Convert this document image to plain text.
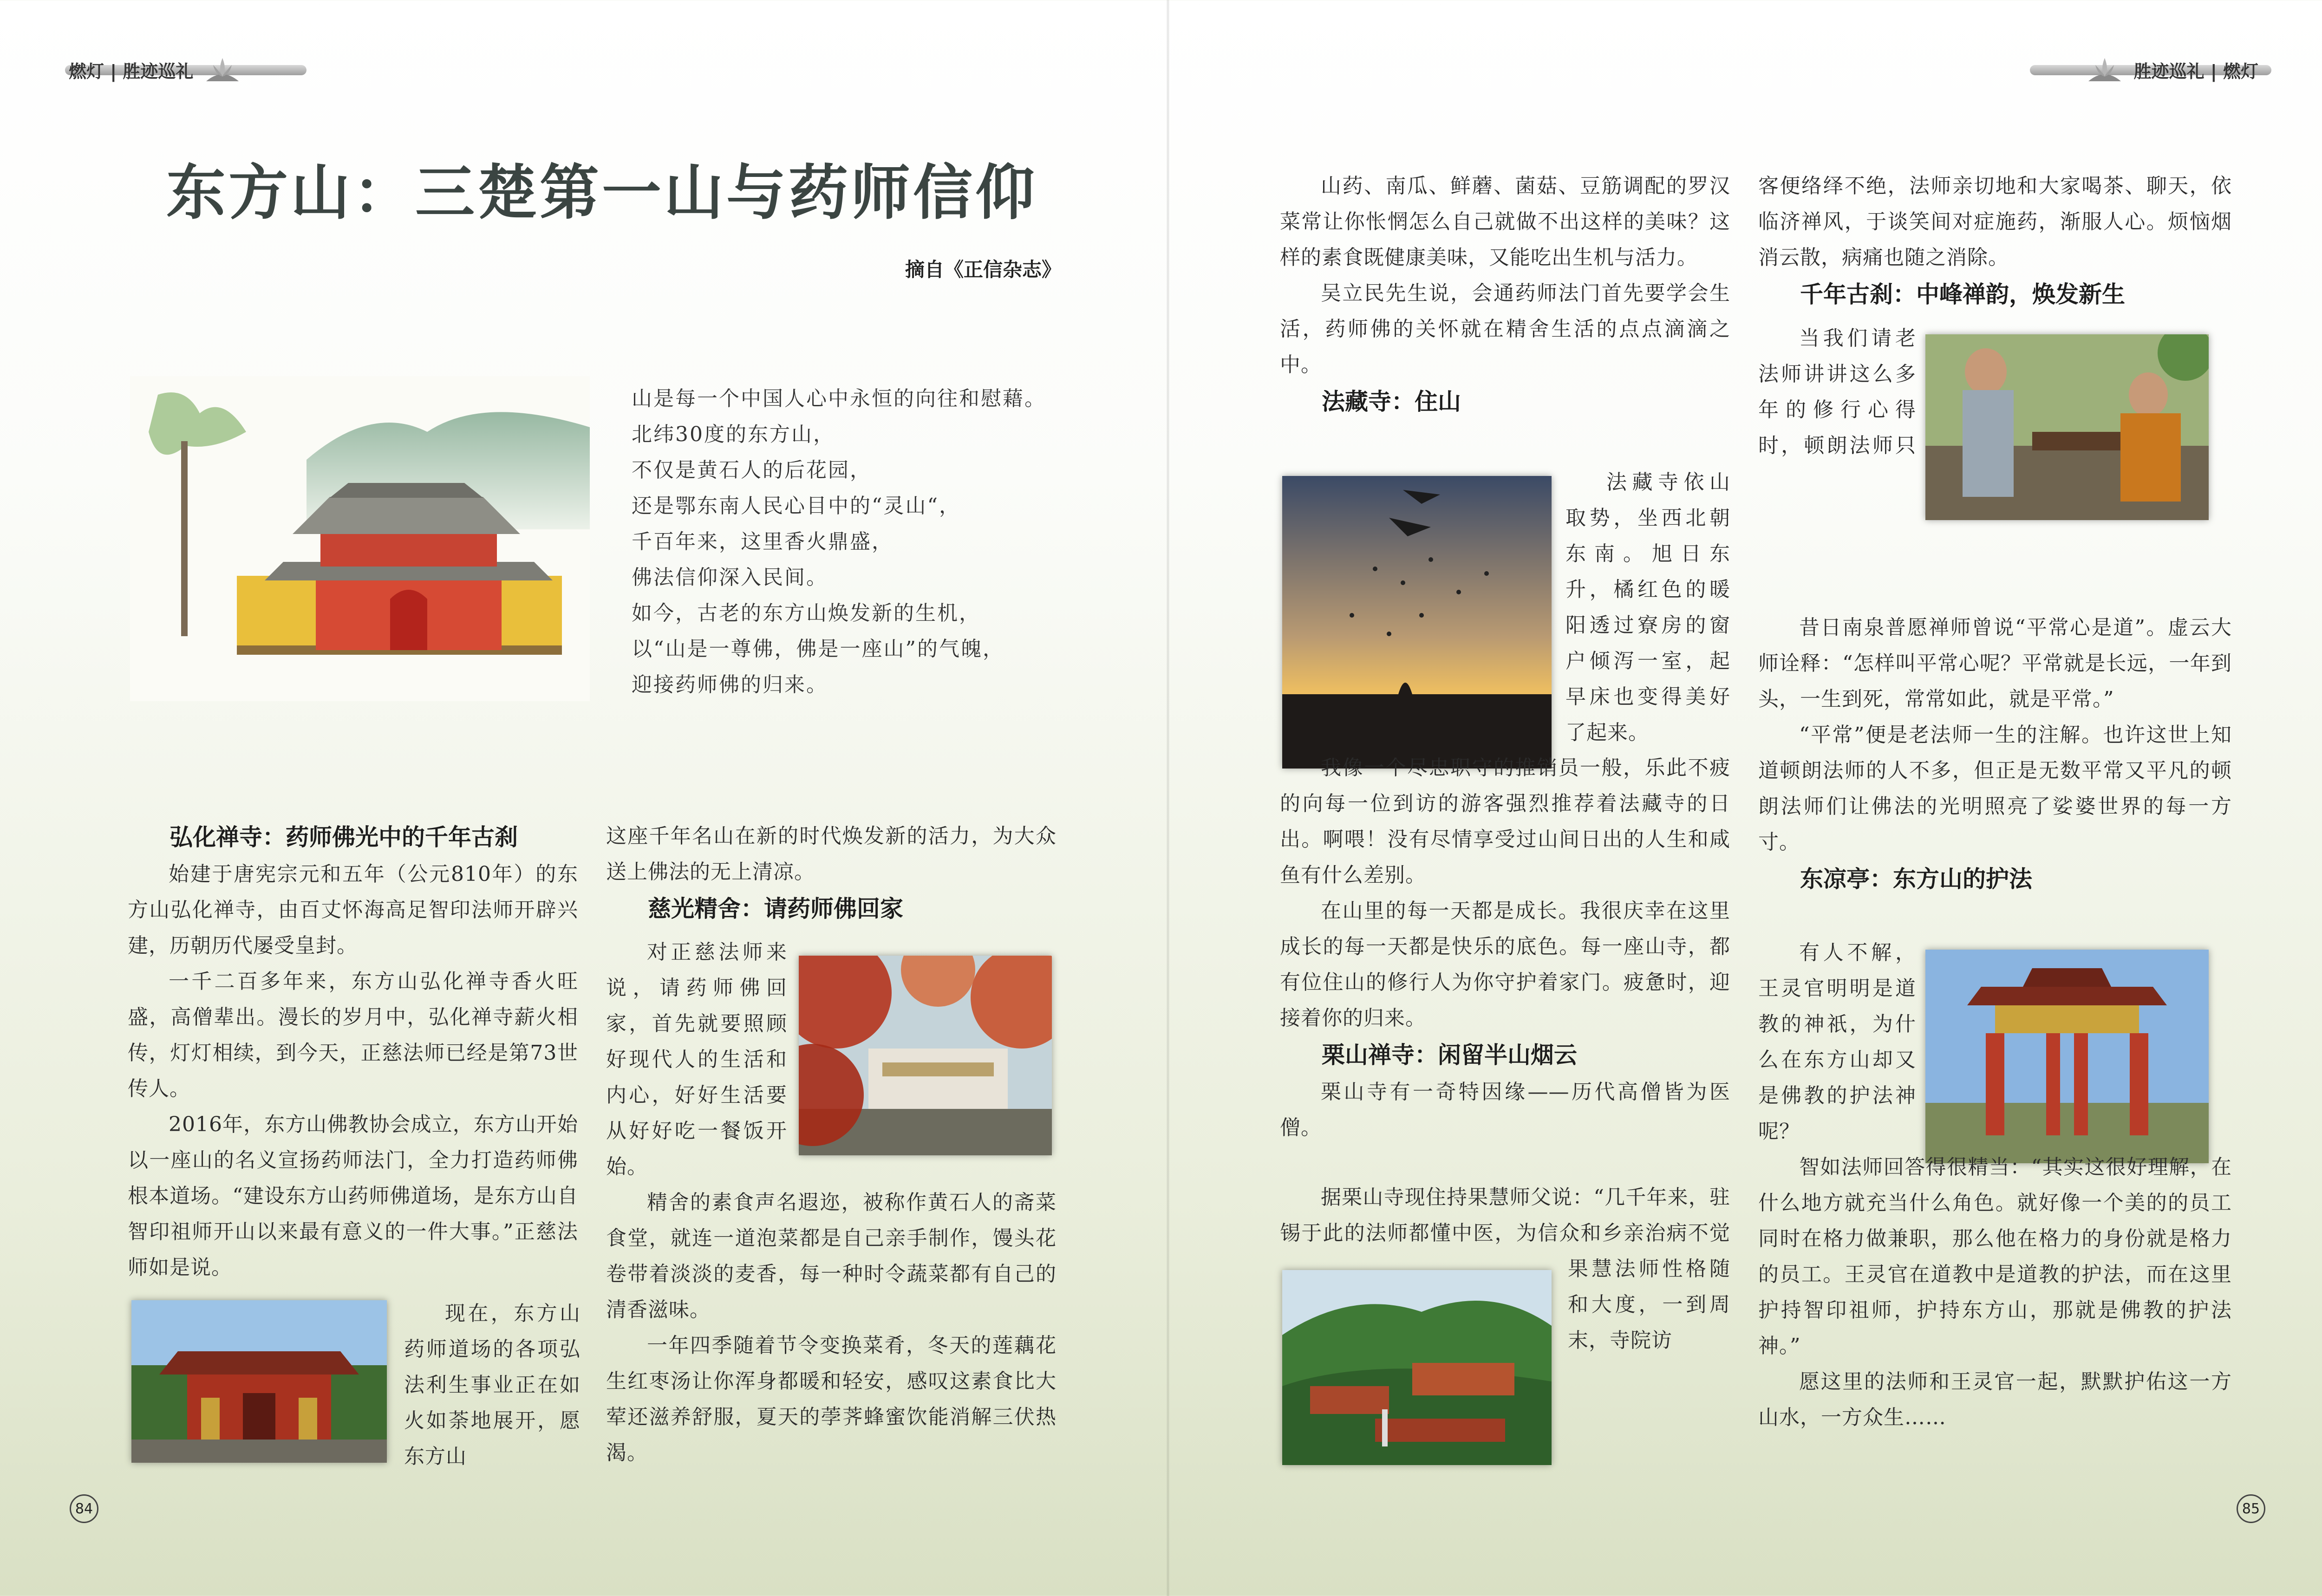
燃灯 | 胜迹巡礼
东方山：三楚第一山与药师信仰
摘自《正信杂志》
山是每一个中国人心中永恒的向往和慰藉。
北纬30度的东方山，
不仅是黄石人的后花园，
还是鄂东南人民心目中的“灵山“，
千百年来，这里香火鼎盛，
佛法信仰深入民间。
如今，古老的东方山焕发新的生机，
以“山是一尊佛，佛是一座山”的气魄，
迎接药师佛的归来。

弘化禅寺：药师佛光中的千年古刹

始建于唐宪宗元和五年（公元810年）的东方山弘化禅寺，由百丈怀海高足智印法师开辟兴建，历朝历代屡受皇封。

一千二百多年来，东方山弘化禅寺香火旺盛，高僧辈出。漫长的岁月中，弘化禅寺薪火相传，灯灯相续，到今天，正慈法师已经是第73世传人。

2016年，东方山佛教协会成立，东方山开始以一座山的名义宣扬药师法门，全力打造药师佛根本道场。“建设东方山药师佛道场，是东方山自智印祖师开山以来最有意义的一件大事。”正慈法师如是说。

现在，东方山药师道场的各项弘法利生事业正在如火如荼地展开，愿东方山

这座千年名山在新的时代焕发新的活力，为大众送上佛法的无上清凉。

慈光精舍：请药师佛回家

对正慈法师来说，请药师佛回家，首先就要照顾好现代人的生活和内心，好好生活要从好好吃一餐饭开始。

精舍的素食声名遐迩，被称作黄石人的斋菜食堂，就连一道泡菜都是自己亲手制作，馒头花卷带着淡淡的麦香，每一种时令蔬菜都有自己的清香滋味。

一年四季随着节令变换菜肴，冬天的莲藕花生红枣汤让你浑身都暖和轻安，感叹这素食比大荤还滋养舒服，夏天的荸荠蜂蜜饮能消解三伏热渴。

84
胜迹巡礼 | 燃灯

山药、南瓜、鲜蘑、菌菇、豆筋调配的罗汉菜常让你怅惘怎么自己就做不出这样的美味？这样的素食既健康美味，又能吃出生机与活力。

吴立民先生说，会通药师法门首先要学会生活，药师佛的关怀就在精舍生活的点点滴滴之中。

法藏寺：住山

法藏寺依山取势，坐西北朝东南。旭日东升，橘红色的暖阳透过寮房的窗户倾泻一室，起早床也变得美好了起来。

我像一个尽忠职守的推销员一般，乐此不疲的向每一位到访的游客强烈推荐着法藏寺的日出。啊喂！没有尽情享受过山间日出的人生和咸鱼有什么差别。

在山里的每一天都是成长。我很庆幸在这里成长的每一天都是快乐的底色。每一座山寺，都有位住山的修行人为你守护着家门。疲惫时，迎接着你的归来。

栗山禅寺：闲留半山烟云

栗山寺有一奇特因缘——历代高僧皆为医僧。

据栗山寺现住持果慧师父说：“几千年来，驻锡于此的法师都懂中医，为信众和乡亲治病不觉

果慧法师性格随和大度，一到周末，寺院访

客便络绎不绝，法师亲切地和大家喝茶、聊天，依临济禅风，于谈笑间对症施药，渐服人心。烦恼烟消云散，病痛也随之消除。

千年古刹：中峰禅韵，焕发新生

当我们请老法师讲讲这么多年的修行心得时，顿朗法师只

昔日南泉普愿禅师曾说“平常心是道”。虚云大师诠释：“怎样叫平常心呢？平常就是长远，一年到头，一生到死，常常如此，就是平常。”

“平常”便是老法师一生的注解。也许这世上知道顿朗法师的人不多，但正是无数平常又平凡的顿朗法师们让佛法的光明照亮了娑婆世界的每一方寸。

东凉亭：东方山的护法

有人不解，王灵官明明是道教的神祇，为什么在东方山却又是佛教的护法神呢？

智如法师回答得很精当：“其实这很好理解，在什么地方就充当什么角色。就好像一个美的的员工同时在格力做兼职，那么他在格力的身份就是格力的员工。王灵官在道教中是道教的护法，而在这里护持智印祖师，护持东方山，那就是佛教的护法神。”

愿这里的法师和王灵官一起，默默护佑这一方山水，一方众生……

85
